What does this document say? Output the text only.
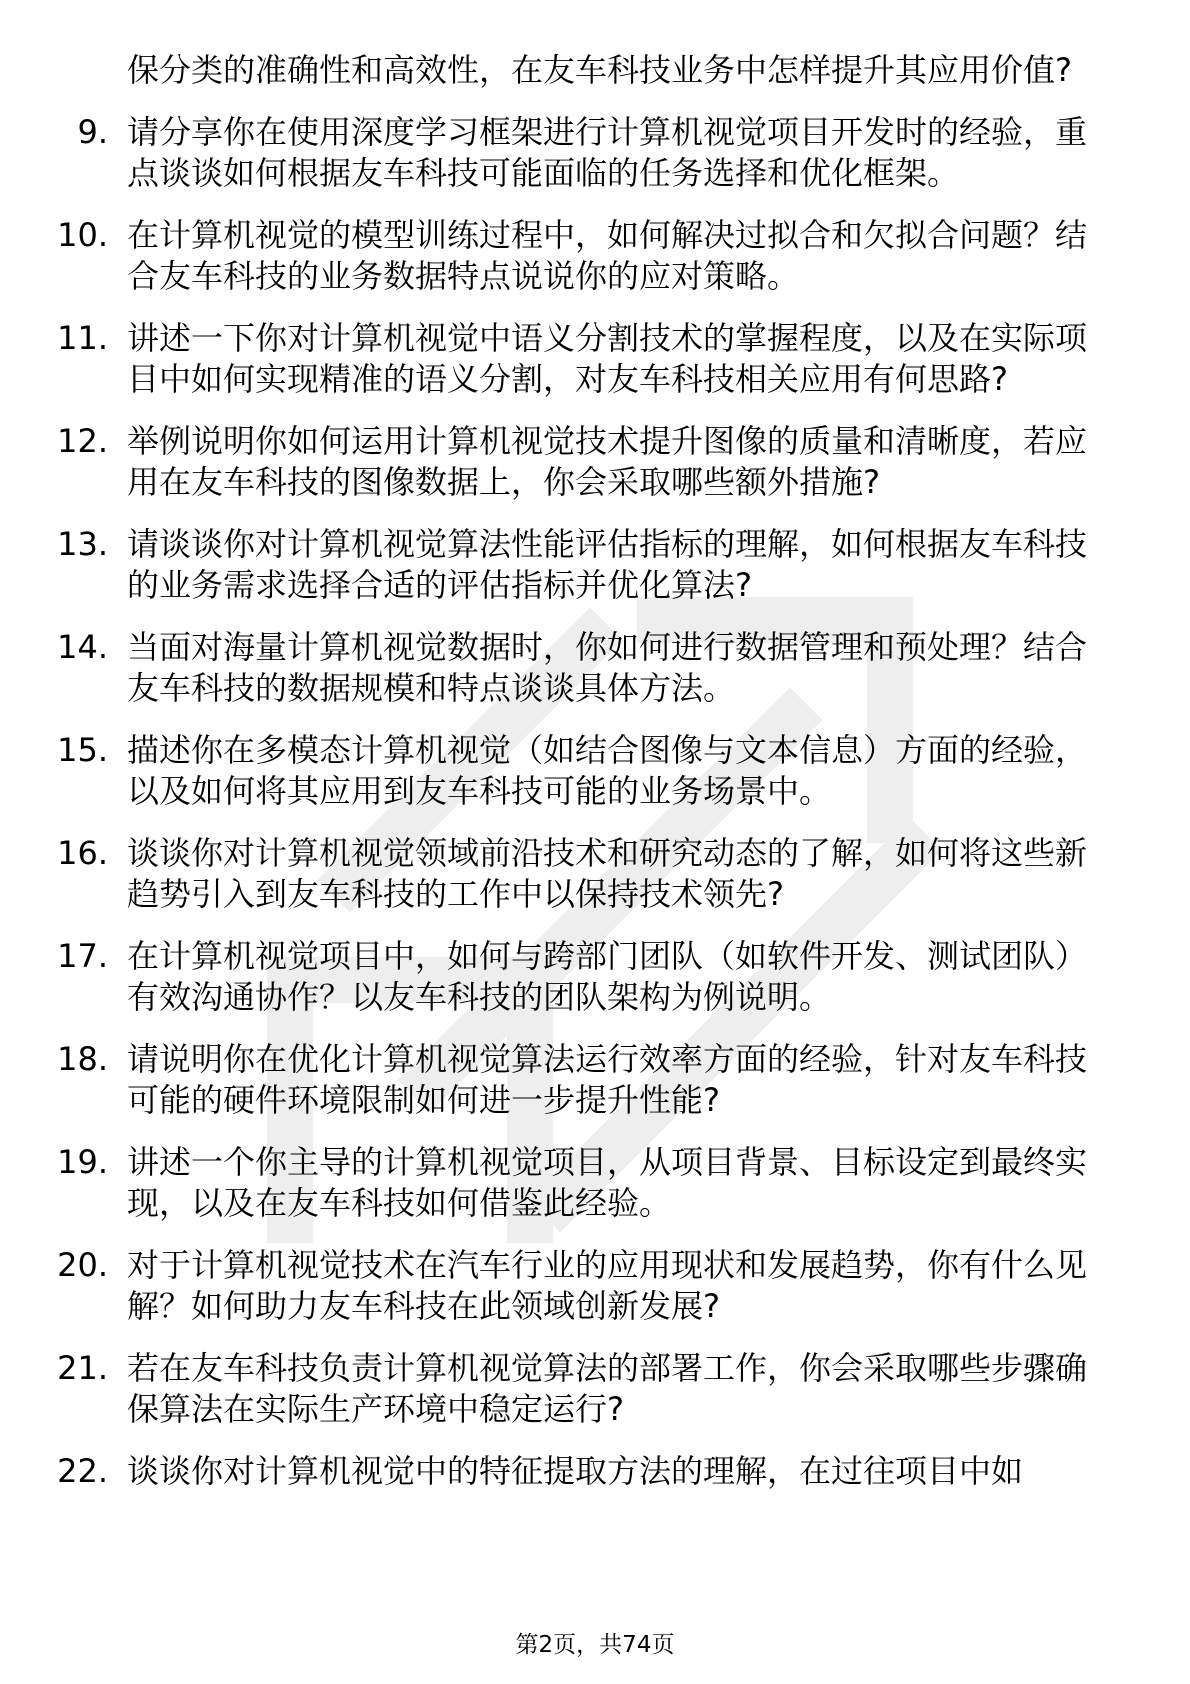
保分类的准确性和高效性，在友车科技业务中怎样提升其应用价值?
9. 请分享你在使用深度学习框架进行计算机视觉项目开发时的经验，重点谈谈如何根据友车科技可能面临的任务选择和优化框架。
10. 在计算机视觉的模型训练过程中，如何解决过拟合和欠拟合问题？结合友车科技的业务数据特点说说你的应对策略。
11. 讲述一下你对计算机视觉中语义分割技术的掌握程度，以及在实际项目中如何实现精准的语义分割，对友车科技相关应用有何思路?
12. 举例说明你如何运用计算机视觉技术提升图像的质量和清晰度，若应用在友车科技的图像数据上，你会采取哪些额外措施?
13. 请谈谈你对计算机视觉算法性能评估指标的理解，如何根据友车科技的业务需求选择合适的评估指标并优化算法?
14. 当面对海量计算机视觉数据时，你如何进行数据管理和预处理？结合友车科技的数据规模和特点谈谈具体方法。
15. 描述你在多模态计算机视觉（如结合图像与文本信息）方面的经验，以及如何将其应用到友车科技可能的业务场景中。
16. 谈谈你对计算机视觉领域前沿技术和研究动态的了解，如何将这些新趋势引入到友车科技的工作中以保持技术领先?
17. 在计算机视觉项目中，如何与跨部门团队（如软件开发、测试团队）有效沟通协作？以友车科技的团队架构为例说明。
18. 请说明你在优化计算机视觉算法运行效率方面的经验，针对友车科技可能的硬件环境限制如何进一步提升性能?
19. 讲述一个你主导的计算机视觉项目，从项目背景、目标设定到最终实现，以及在友车科技如何借鉴此经验。
20. 对于计算机视觉技术在汽车行业的应用现状和发展趋势，你有什么见解？如何助力友车科技在此领域创新发展?
21. 若在友车科技负责计算机视觉算法的部署工作，你会采取哪些步骤确保算法在实际生产环境中稳定运行?
22. 谈谈你对计算机视觉中的特征提取方法的理解，在过往项目中如
第2页，共74页
